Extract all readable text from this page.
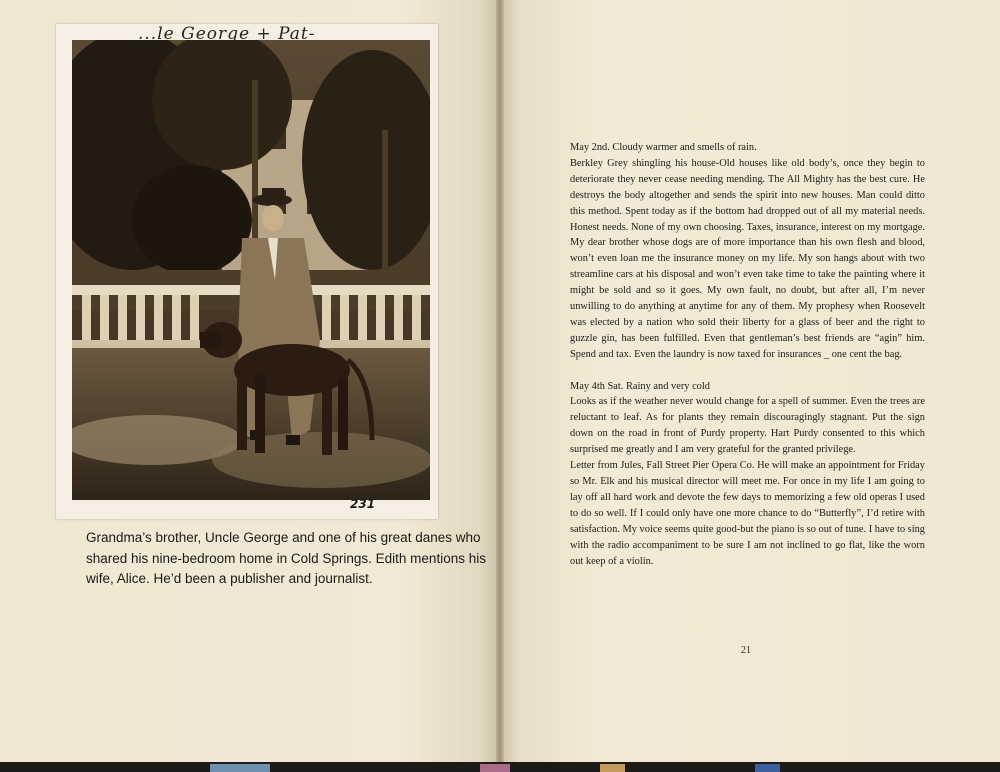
...le George + Pat-
231
Grandma’s brother, Uncle George and one of his great danes who shared his nine-bedroom home in Cold Springs. Edith mentions his wife, Alice. He’d been a publisher and journalist.

May 2nd. Cloudy warmer and smells of rain.

Berkley Grey shingling his house-Old houses like old body’s, once they begin to deteriorate they never cease needing mending. The All Mighty has the best cure. He destroys the body altogether and sends the spirit into new houses. Man could ditto this method. Spent today as if the bottom had dropped out of all my material needs. Honest needs. None of my own choosing. Taxes, insurance, interest on my mortgage. My dear brother whose dogs are of more importance than his own flesh and blood, won’t even loan me the insurance money on my life. My son hangs about with two streamline cars at his disposal and won’t even take time to take the painting where it might be sold and so it goes. My own fault, no doubt, but after all, I’m never unwilling to do anything at anytime for any of them. My prophesy when Roosevelt was elected by a nation who sold their liberty for a glass of beer and the right to guzzle gin, has been fulfilled. Even that gentleman’s best friends are “agin” him. Spend and tax. Even the laundry is now taxed for insurances _ one cent the bag.

May 4th Sat. Rainy and very cold

Looks as if the weather never would change for a spell of summer. Even the trees are reluctant to leaf. As for plants they remain discouragingly stagnant. Put the sign down on the road in front of Purdy property. Hart Purdy consented to this which surprised me greatly and I am very grateful for the granted privilege.

Letter from Jules, Fall Street Pier Opera Co. He will make an appointment for Friday so Mr. Elk and his musical director will meet me. For once in my life I am going to lay off all hard work and devote the few days to memorizing a few old operas I used to do so well. If I could only have one more chance to do “Butterfly”, I’d retire with satisfaction. My voice seems quite good-but the piano is so out of tune. I have to sing with the radio accompaniment to be sure I am not inclined to go flat, like the worn out keep of a violin.

21
